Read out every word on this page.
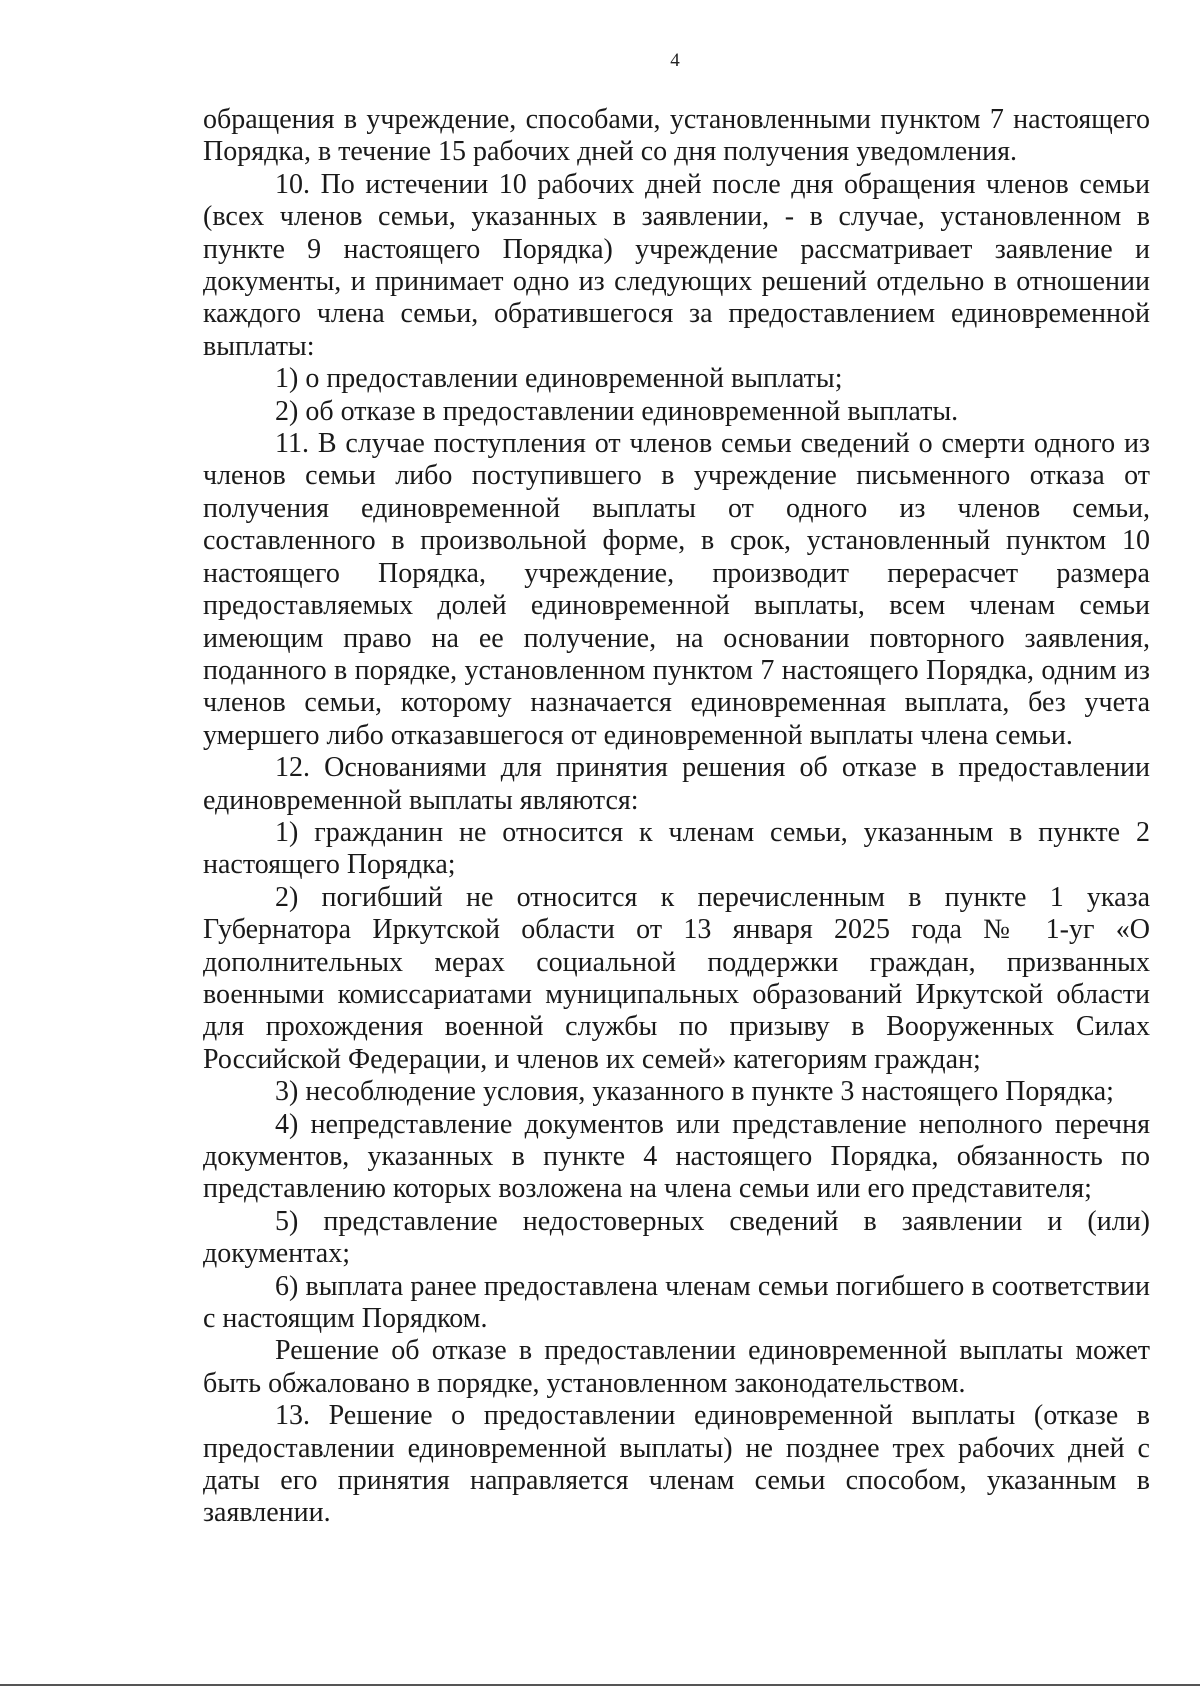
4

обращения в учреждение, способами, установленными пунктом 7 настоящего Порядка, в течение 15 рабочих дней со дня получения уведомления.

10. По истечении 10 рабочих дней после дня обращения членов семьи (всех членов семьи, указанных в заявлении, - в случае, установленном в пункте 9 настоящего Порядка) учреждение рассматривает заявление и документы, и принимает одно из следующих решений отдельно в отношении каждого члена семьи, обратившегося за предоставлением единовременной выплаты:

1) о предоставлении единовременной выплаты;

2) об отказе в предоставлении единовременной выплаты.

11. В случае поступления от членов семьи сведений о смерти одного из членов семьи либо поступившего в учреждение письменного отказа от получения единовременной выплаты от одного из членов семьи, составленного в произвольной форме, в срок, установленный пунктом 10 настоящего Порядка, учреждение, производит перерасчет размера предоставляемых долей единовременной выплаты, всем членам семьи имеющим право на ее получение, на основании повторного заявления, поданного в порядке, установленном пунктом 7 настоящего Порядка, одним из членов семьи, которому назначается единовременная выплата, без учета умершего либо отказавшегося от единовременной выплаты члена семьи.

12. Основаниями для принятия решения об отказе в предоставлении единовременной выплаты являются:

1) гражданин не относится к членам семьи, указанным в пункте 2 настоящего Порядка;

2) погибший не относится к перечисленным в пункте 1 указа Губернатора Иркутской области от 13 января 2025 года № 1-уг «О дополнительных мерах социальной поддержки граждан, призванных военными комиссариатами муниципальных образований Иркутской области для прохождения военной службы по призыву в Вооруженных Силах Российской Федерации, и членов их семей» категориям граждан;

3) несоблюдение условия, указанного в пункте 3 настоящего Порядка;

4) непредставление документов или представление неполного перечня документов, указанных в пункте 4 настоящего Порядка, обязанность по представлению которых возложена на члена семьи или его представителя;

5) представление недостоверных сведений в заявлении и (или) документах;

6) выплата ранее предоставлена членам семьи погибшего в соответствии с настоящим Порядком.

Решение об отказе в предоставлении единовременной выплаты может быть обжаловано в порядке, установленном законодательством.

13. Решение о предоставлении единовременной выплаты (отказе в предоставлении единовременной выплаты) не позднее трех рабочих дней с даты его принятия направляется членам семьи способом, указанным в заявлении.
